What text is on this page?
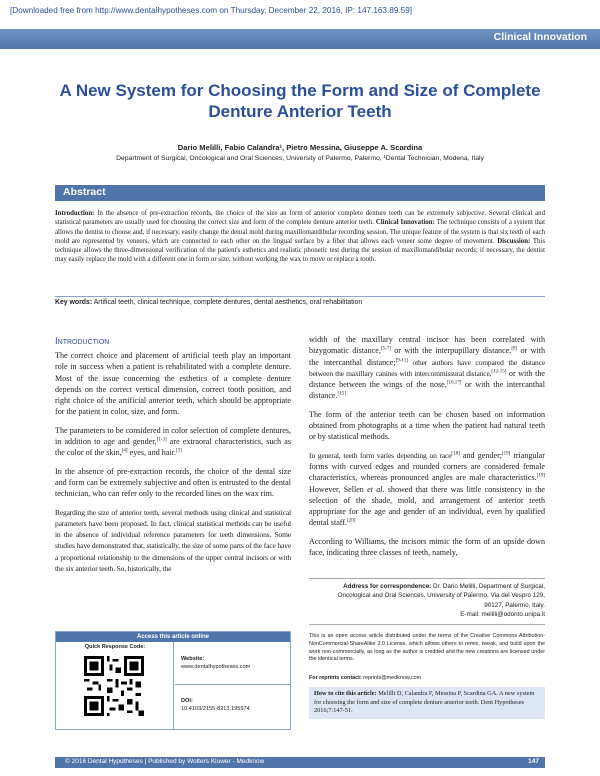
[Downloaded free from http://www.dentalhypotheses.com on Thursday, December 22, 2016, IP: 147.163.89.59]
Clinical Innovation
A New System for Choosing the Form and Size of Complete Denture Anterior Teeth
Dario Melilli, Fabio Calandra¹, Pietro Messina, Giuseppe A. Scardina
Department of Surgical, Oncological and Oral Sciences, University of Palermo, Palermo, ¹Dental Technician, Modena, Italy
Abstract
Introduction: In the absence of pre-extraction records, the choice of the size an form of anterior complete denture teeth can be extremely subjective. Several clinical and statistical parameters are usually used for choosing the correct size and form of the complete denture anterior teeth. Clinical Innovation: The technique consists of a system that allows the dentist to choose and, if necessary, easily change the dental mold during maxillomandibular recording session. The unique feature of the system is that six teeth of each mold are represented by veneers, which are connected to each other on the lingual surface by a fiber that allows each veneer some degree of movement. Discussion: This technique allows the three-dimensional verification of the patient's esthetics and realistic phonetic test during the session of maxillomandibular records; if necessary, the dentist may easily replace the mold with a different one in form or size, without working the wax to move or replace a tooth.
Key words: Artifical teeth, clinical technique, complete dentures, dental aesthetics, oral rehabilitation
Introduction

The correct choice and placement of artificial teeth play an important role in success when a patient is rehabilitated with a complete denture. Most of the issue concerning the esthetics of a complete denture depends on the correct vertical dimension, correct tooth position, and right choice of the artificial anterior teeth, which should be appropriate for the patient in color, size, and form.

The parameters to be considered in color selection of complete dentures, in addition to age and gender,[1-3] are extraoral characteristics, such as the color of the skin,[4] eyes, and hair.[3]

In the absence of pre-extraction records, the choice of the dental size and form can be extremely subjective and often is entrusted to the dental technician, who can refer only to the recorded lines on the wax rim.

Regarding the size of anterior teeth, several methods using clinical and statistical parameters have been proposed. In fact, clinical statistical methods can be useful in the absence of individual reference parameters for teeth dimensions. Some studies have demonstrated that, statistically, the size of some parts of the face have a proportional relationship to the dimensions of the upper central incisors or with the six anterior teeth. So, historically, the

width of the maxillary central incisor has been correlated with bizygomatic distance,[5-7] or with the interpupillary distance,[8] or with the intercanthal distance;[9-11] other authors have compared the distance between the maxillary canines with intercommissural distance,[12-15] or with the distance between the wings of the nose,[16,17] or with the intercanthal distance.[15]

The form of the anterior teeth can be chosen based on information obtained from photographs at a time when the patient had natural teeth or by statistical methods.

In general, teeth form varies depending on race[18] and gender;[19] triangular forms with curved edges and rounded corners are considered female characteristics, whereas pronounced angles are male characteristics.[19] However, Sellen et al. showed that there was little consistency in the selection of the shade, mold, and arrangement of anterior teeth appropriate for the age and gender of an individual, even by qualified dental staff.[20]

According to Williams, the incisors mimic the form of an upside down face, indicating three classes of teeth, namely,

Address for correspondence: Dr. Dario Melilli, Department of Surgical,
Oncological and Oral Sciences, University of Palermo, Via del Vespro 129,
90127, Palermo, Italy.
E-mail: melilli@odonto.unipa.it
Access this article online
Quick Response Code:
Website:
www.dentalhypotheses.com
DOI:
10.4103/2155-8213.195974
This is an open access article distributed under the terms of the Creative Commons Attribution-NonCommercial-ShareAlike 3.0 License, which allows others to remix, tweak, and build upon the work non-commercially, as long as the author is credited and the new creations are licensed under the identical terms.
For reprints contact: reprints@medknow.com
How to cite this article: Melilli D, Calandra F, Messina P, Scardina GA. A new system for choosing the form and size of complete denture anterior teeth. Dent Hypotheses 2016;7:147-51.
© 2016 Dental Hypotheses | Published by Wolters Kluwer - Medknow	147
